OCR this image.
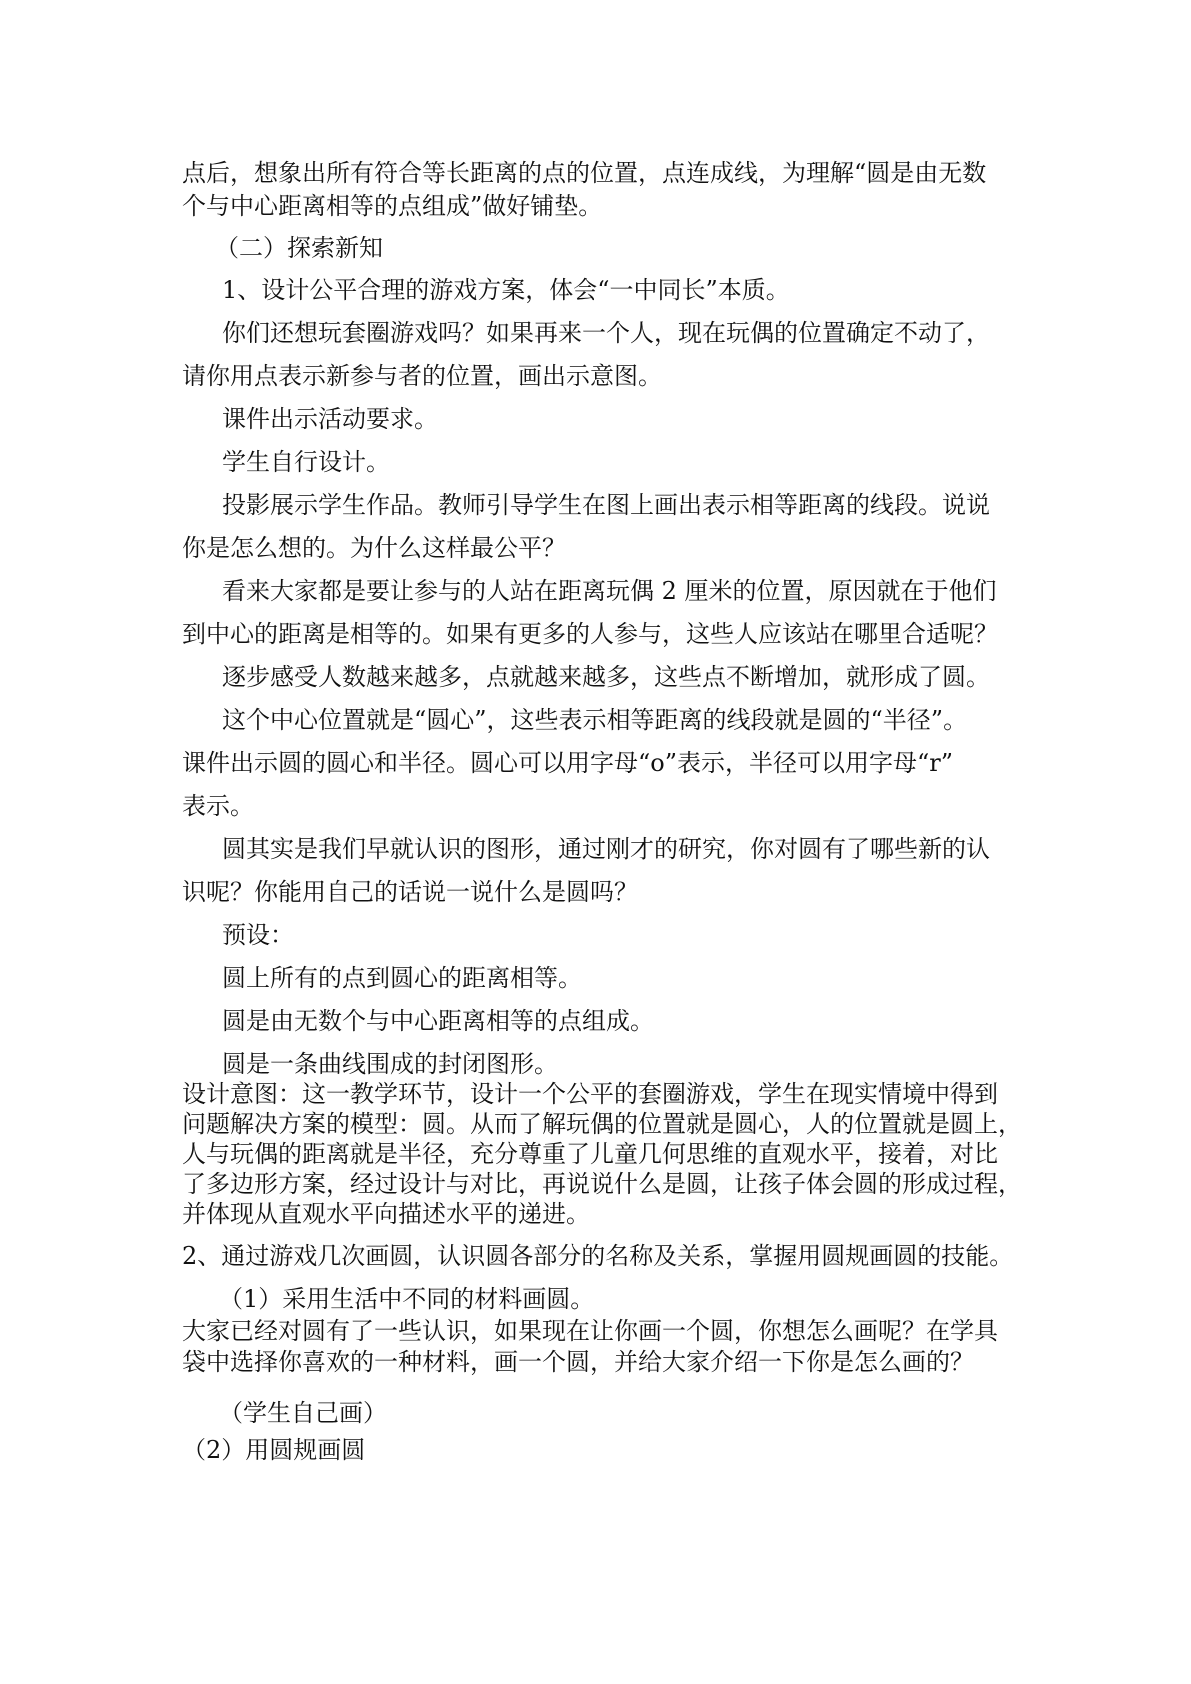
点后，想象出所有符合等长距离的点的位置，点连成线，为理解“圆是由无数
个与中心距离相等的点组成”做好铺垫。
（二）探索新知
1、设计公平合理的游戏方案，体会“一中同长”本质。
你们还想玩套圈游戏吗？如果再来一个人，现在玩偶的位置确定不动了，
请你用点表示新参与者的位置，画出示意图。
课件出示活动要求。
学生自行设计。
投影展示学生作品。教师引导学生在图上画出表示相等距离的线段。说说
你是怎么想的。为什么这样最公平？
看来大家都是要让参与的人站在距离玩偶 2 厘米的位置，原因就在于他们
到中心的距离是相等的。如果有更多的人参与，这些人应该站在哪里合适呢？
逐步感受人数越来越多，点就越来越多，这些点不断增加，就形成了圆。
这个中心位置就是“圆心”，这些表示相等距离的线段就是圆的“半径”。
课件出示圆的圆心和半径。圆心可以用字母“o”表示，半径可以用字母“r”
表示。
圆其实是我们早就认识的图形，通过刚才的研究，你对圆有了哪些新的认
识呢？你能用自己的话说一说什么是圆吗？
预设：
圆上所有的点到圆心的距离相等。
圆是由无数个与中心距离相等的点组成。
圆是一条曲线围成的封闭图形。
设计意图：这一教学环节，设计一个公平的套圈游戏，学生在现实情境中得到
问题解决方案的模型：圆。从而了解玩偶的位置就是圆心，人的位置就是圆上，
人与玩偶的距离就是半径，充分尊重了儿童几何思维的直观水平，接着，对比
了多边形方案，经过设计与对比，再说说什么是圆，让孩子体会圆的形成过程，
并体现从直观水平向描述水平的递进。
2、通过游戏几次画圆，认识圆各部分的名称及关系，掌握用圆规画圆的技能。
（1）采用生活中不同的材料画圆。
大家已经对圆有了一些认识，如果现在让你画一个圆，你想怎么画呢？在学具
袋中选择你喜欢的一种材料，画一个圆，并给大家介绍一下你是怎么画的？
（学生自己画）
（2）用圆规画圆
